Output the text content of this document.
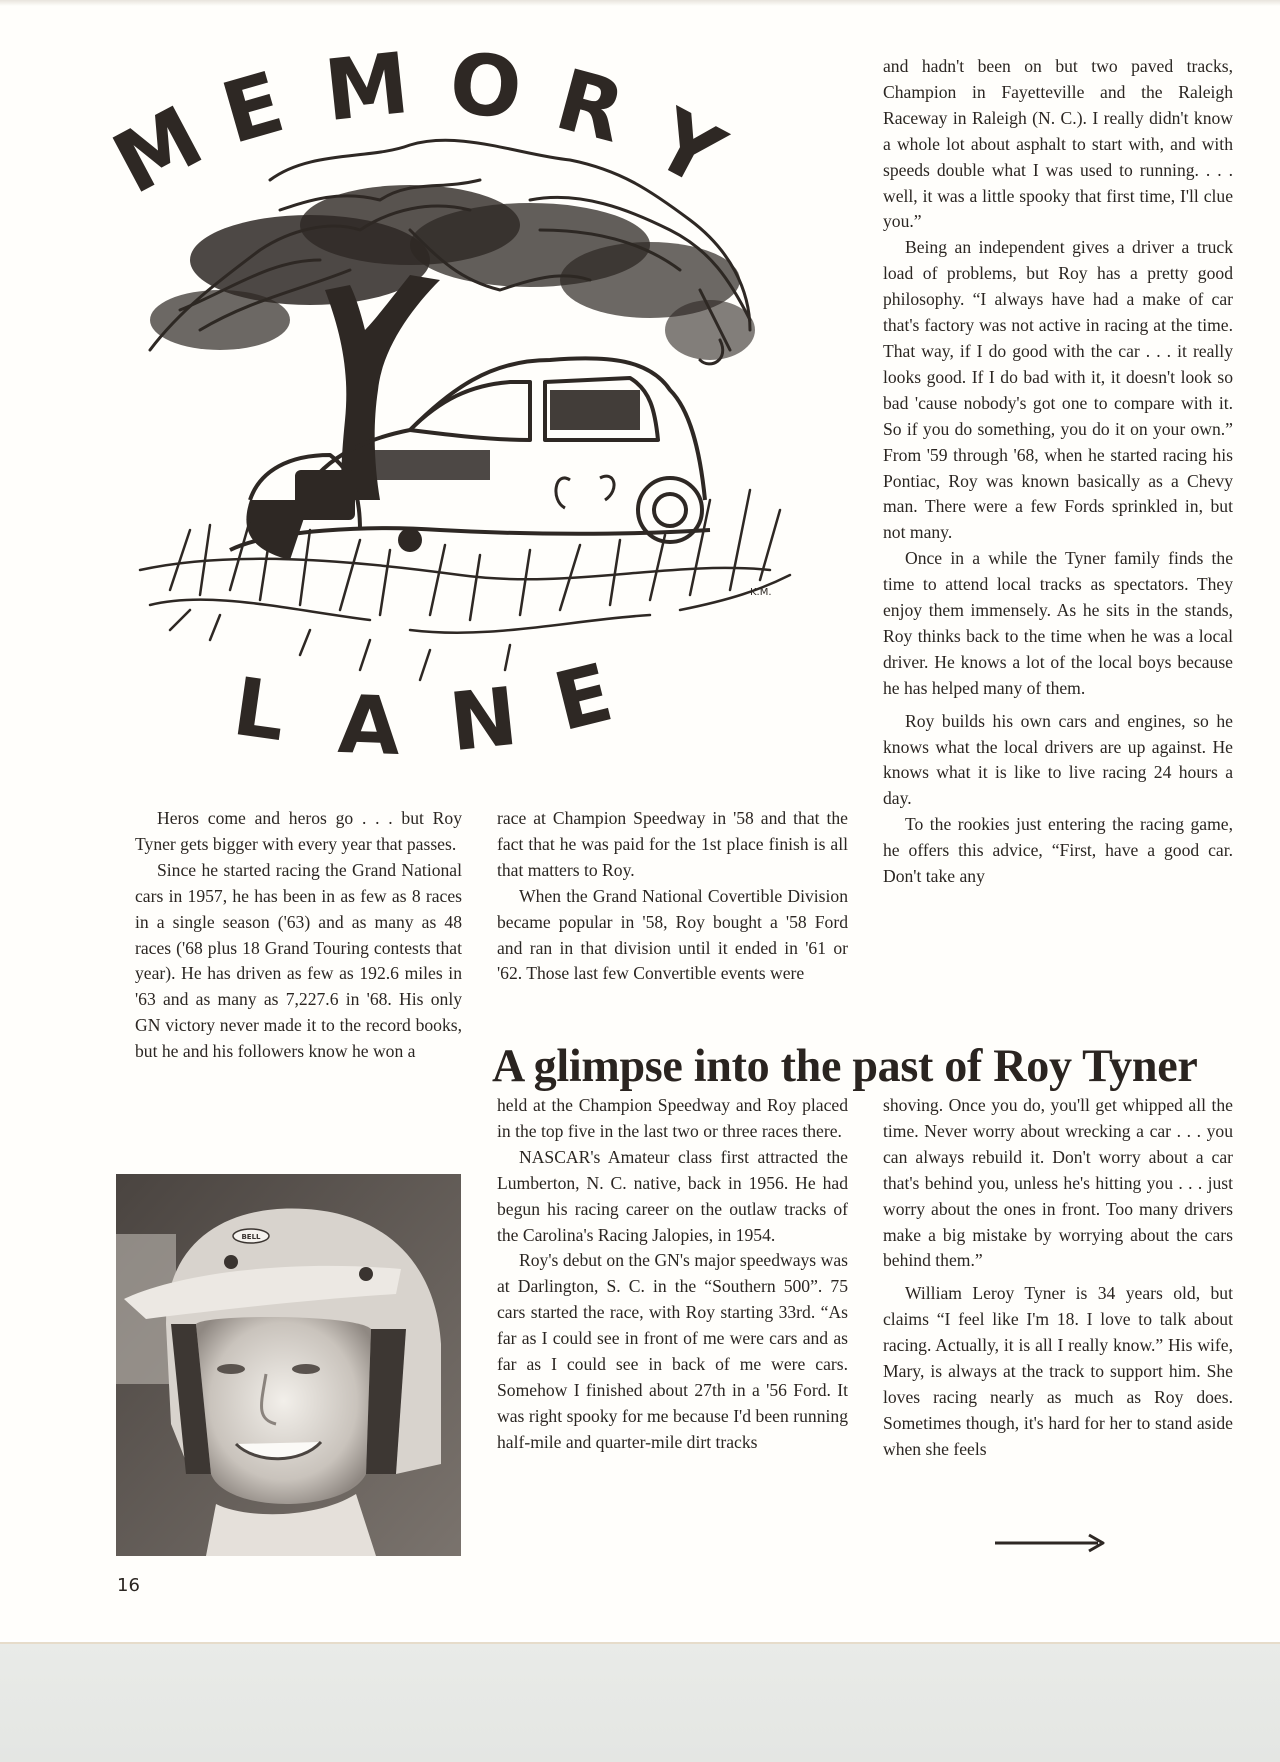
M
E M O R Y
L A N E
K.M.

Heros come and heros go . . . but Roy Tyner gets bigger with every year that passes.

Since he started racing the Grand National cars in 1957, he has been in as few as 8 races in a single season ('63) and as many as 48 races ('68 plus 18 Grand Touring contests that year). He has driven as few as 192.6 miles in '63 and as many as 7,227.6 in '68. His only GN victory never made it to the record books, but he and his followers know he won a

race at Champion Speedway in '58 and that the fact that he was paid for the 1st place finish is all that matters to Roy.

When the Grand National Covertible Division became popular in '58, Roy bought a '58 Ford and ran in that division until it ended in '61 or '62. Those last few Convertible events were

A glimpse into the past of Roy Tyner

held at the Champion Speedway and Roy placed in the top five in the last two or three races there.

NASCAR's Amateur class first attracted the Lumberton, N. C. native, back in 1956. He had begun his racing career on the outlaw tracks of the Carolina's Racing Jalopies, in 1954.

Roy's debut on the GN's major speedways was at Darlington, S. C. in the “Southern 500”. 75 cars started the race, with Roy starting 33rd. “As far as I could see in front of me were cars and as far as I could see in back of me were cars. Somehow I finished about 27th in a '56 Ford. It was right spooky for me because I'd been running half-mile and quarter-mile dirt tracks

and hadn't been on but two paved tracks, Champion in Fayetteville and the Raleigh Raceway in Raleigh (N. C.). I really didn't know a whole lot about asphalt to start with, and with speeds double what I was used to running. . . . well, it was a little spooky that first time, I'll clue you.”

Being an independent gives a driver a truck load of problems, but Roy has a pretty good philosophy. “I always have had a make of car that's factory was not active in racing at the time. That way, if I do good with the car . . . it really looks good. If I do bad with it, it doesn't look so bad 'cause nobody's got one to compare with it. So if you do something, you do it on your own.” From '59 through '68, when he started racing his Pontiac, Roy was known basically as a Chevy man. There were a few Fords sprinkled in, but not many.

Once in a while the Tyner family finds the time to attend local tracks as spectators. They enjoy them immensely. As he sits in the stands, Roy thinks back to the time when he was a local driver. He knows a lot of the local boys because he has helped many of them.

Roy builds his own cars and engines, so he knows what the local drivers are up against. He knows what it is like to live racing 24 hours a day.

To the rookies just entering the racing game, he offers this advice, “First, have a good car. Don't take any

shoving. Once you do, you'll get whipped all the time. Never worry about wrecking a car . . . you can always rebuild it. Don't worry about a car that's behind you, unless he's hitting you . . . just worry about the ones in front. Too many drivers make a big mistake by worrying about the cars behind them.”

William Leroy Tyner is 34 years old, but claims “I feel like I'm 18. I love to talk about racing. Actually, it is all I really know.” His wife, Mary, is always at the track to support him. She loves racing nearly as much as Roy does. Sometimes though, it's hard for her to stand aside when she feels

BELL
16
